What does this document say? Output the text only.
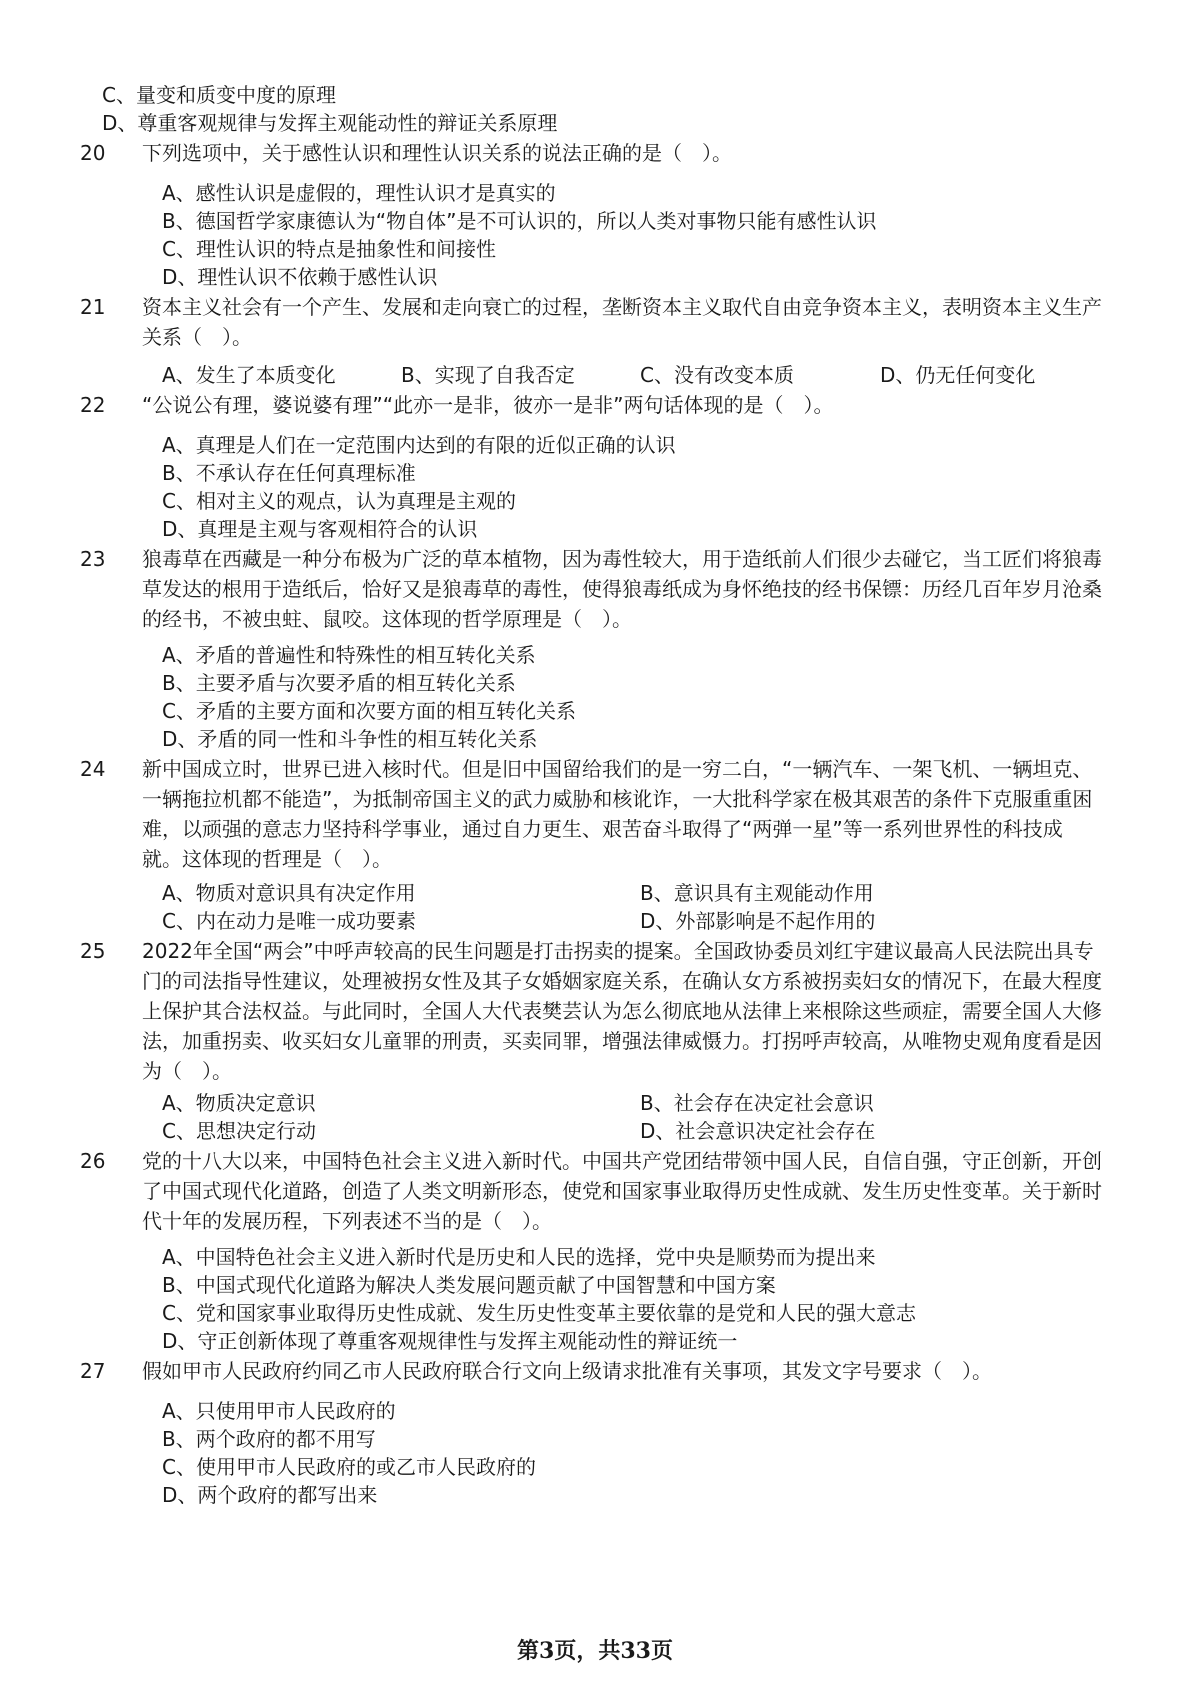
C、量变和质变中度的原理
D、尊重客观规律与发挥主观能动性的辩证关系原理
20	下列选项中，关于感性认识和理性认识关系的说法正确的是（　）。
A、感性认识是虚假的，理性认识才是真实的
B、德国哲学家康德认为“物自体”是不可认识的，所以人类对事物只能有感性认识
C、理性认识的特点是抽象性和间接性
D、理性认识不依赖于感性认识
21	资本主义社会有一个产生、发展和走向衰亡的过程，垄断资本主义取代自由竞争资本主义，表明资本主义生产关系（　）。
A、发生了本质变化	B、实现了自我否定	C、没有改变本质	D、仍无任何变化
22	“公说公有理，婆说婆有理”“此亦一是非，彼亦一是非”两句话体现的是（　）。
A、真理是人们在一定范围内达到的有限的近似正确的认识
B、不承认存在任何真理标准
C、相对主义的观点，认为真理是主观的
D、真理是主观与客观相符合的认识
23	狼毒草在西藏是一种分布极为广泛的草本植物，因为毒性较大，用于造纸前人们很少去碰它，当工匠们将狼毒草发达的根用于造纸后，恰好又是狼毒草的毒性，使得狼毒纸成为身怀绝技的经书保镖：历经几百年岁月沧桑的经书，不被虫蛀、鼠咬。这体现的哲学原理是（　）。
A、矛盾的普遍性和特殊性的相互转化关系
B、主要矛盾与次要矛盾的相互转化关系
C、矛盾的主要方面和次要方面的相互转化关系
D、矛盾的同一性和斗争性的相互转化关系
24	新中国成立时，世界已进入核时代。但是旧中国留给我们的是一穷二白，“一辆汽车、一架飞机、一辆坦克、一辆拖拉机都不能造”，为抵制帝国主义的武力威胁和核讹诈，一大批科学家在极其艰苦的条件下克服重重困难，以顽强的意志力坚持科学事业，通过自力更生、艰苦奋斗取得了“两弹一星”等一系列世界性的科技成就。这体现的哲理是（　）。
A、物质对意识具有决定作用	B、意识具有主观能动作用
C、内在动力是唯一成功要素	D、外部影响是不起作用的
25	2022年全国“两会”中呼声较高的民生问题是打击拐卖的提案。全国政协委员刘红宇建议最高人民法院出具专门的司法指导性建议，处理被拐女性及其子女婚姻家庭关系，在确认女方系被拐卖妇女的情况下，在最大程度上保护其合法权益。与此同时，全国人大代表樊芸认为怎么彻底地从法律上来根除这些顽症，需要全国人大修法，加重拐卖、收买妇女儿童罪的刑责，买卖同罪，增强法律威慑力。打拐呼声较高，从唯物史观角度看是因为（　）。
A、物质决定意识	B、社会存在决定社会意识
C、思想决定行动	D、社会意识决定社会存在
26	党的十八大以来，中国特色社会主义进入新时代。中国共产党团结带领中国人民，自信自强，守正创新，开创了中国式现代化道路，创造了人类文明新形态，使党和国家事业取得历史性成就、发生历史性变革。关于新时代十年的发展历程，下列表述不当的是（　）。
A、中国特色社会主义进入新时代是历史和人民的选择，党中央是顺势而为提出来
B、中国式现代化道路为解决人类发展问题贡献了中国智慧和中国方案
C、党和国家事业取得历史性成就、发生历史性变革主要依靠的是党和人民的强大意志
D、守正创新体现了尊重客观规律性与发挥主观能动性的辩证统一
27	假如甲市人民政府约同乙市人民政府联合行文向上级请求批准有关事项，其发文字号要求（　）。
A、只使用甲市人民政府的
B、两个政府的都不用写
C、使用甲市人民政府的或乙市人民政府的
D、两个政府的都写出来
第3页，共33页
